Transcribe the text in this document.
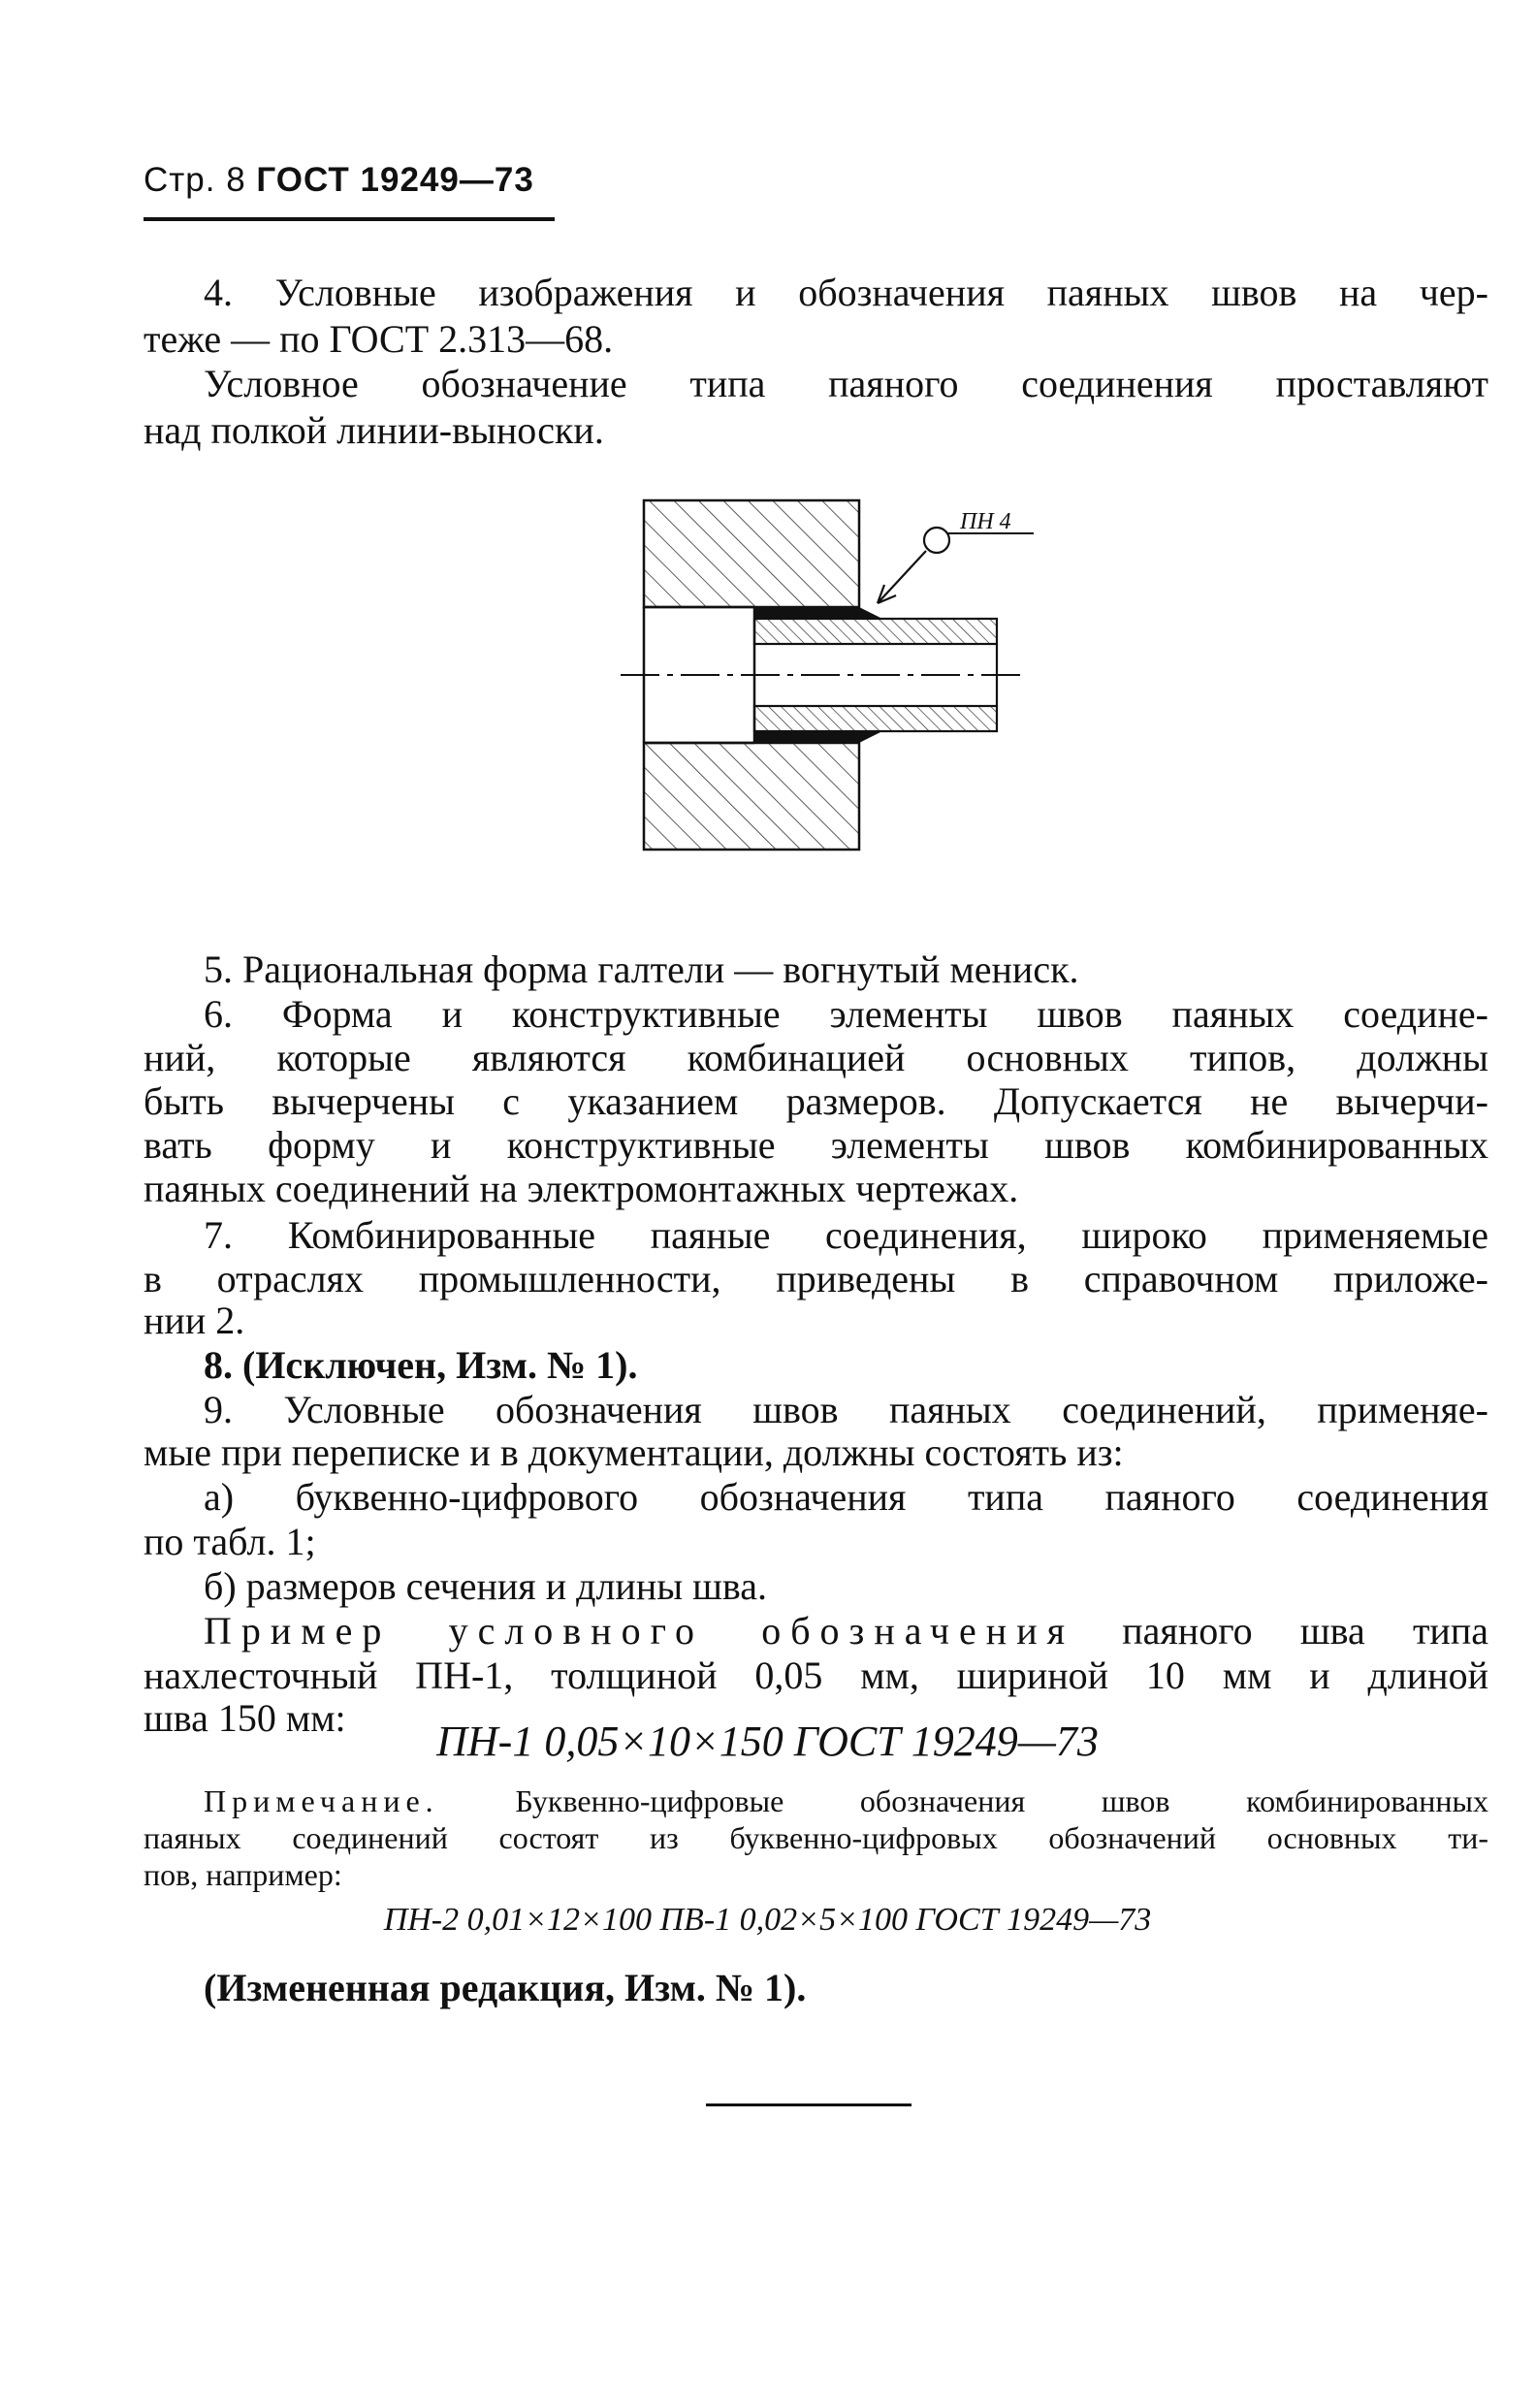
Стр. 8 ГОСТ 19249—73
4. Условные изображения и обозначения паяных швов на чер-
теже — по ГОСТ 2.313—68.
Условное обозначение типа паяного соединения проставляют
над полкой линии-выноски.
ПН 4
5. Рациональная форма галтели — вогнутый мениск.
6. Форма и конструктивные элементы швов паяных соедине-
ний, которые являются комбинацией основных типов, должны
быть вычерчены с указанием размеров. Допускается не вычерчи-
вать форму и конструктивные элементы швов комбинированных
паяных соединений на электромонтажных чертежах.
7. Комбинированные паяные соединения, широко применяемые
в отраслях промышленности, приведены в справочном приложе-
нии 2.
8. (Исключен, Изм. № 1).
9. Условные обозначения швов паяных соединений, применяе-
мые при переписке и в документации, должны состоять из:
а) буквенно-цифрового обозначения типа паяного соединения
по табл. 1;
б) размеров сечения и длины шва.
Пример условного обозначения паяного шва типа
нахлесточный ПН-1, толщиной 0,05 мм, шириной 10 мм и длиной
шва 150 мм:	ПН-1 0,05×10×150 ГОСТ 19249—73
Примечание. Буквенно-цифровые обозначения швов комбинированных
паяных соединений состоят из буквенно-цифровых обозначений основных ти-
пов, например:
ПН-2 0,01×12×100 ПВ-1 0,02×5×100 ГОСТ 19249—73
(Измененная редакция, Изм. № 1).
